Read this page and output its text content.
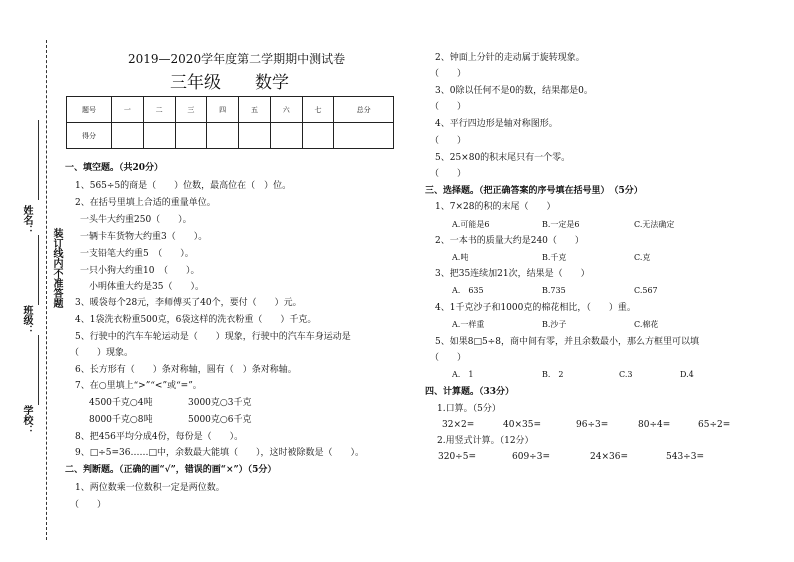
姓名：
班级：
学校：
装订线内不准答题
2019—2020学年度第二学期期中测试卷
三年级　　数学
题号	一	二	三	四	五	六	七	总分
得分								
一、填空题。（共20分）
1、565÷5的商是（　　）位数，最高位在（　）位。
2、在括号里填上合适的重量单位。
一头牛大约重250（　　）。
一辆卡车货物大约重3（　　）。
一支铅笔大约重5　（　　）。
一只小狗大约重10　（　　）。
小明体重大约是35（　　）。
3、暖袋每个28元，李师傅买了40个，要付（　　）元。
4、1袋洗衣粉重500克，6袋这样的洗衣粉重（　　）千克。
5、行驶中的汽车车轮运动是（　　）现象，行驶中的汽车车身运动是
（　　）现象。
6、长方形有（　　）条对称轴，圆有（　）条对称轴。
7、在○里填上“>”“<”或“=”。
4500千克○4吨	3000克○3千克
8000千克○8吨	5000克○6千克
8、把456平均分成4份，每份是（　　）。
9、□÷5=36……□中，余数最大能填（　　），这时被除数是（　　）。
二、判断题。（正确的画“√”，错误的画“×”）（5分）
1、两位数乘一位数积一定是两位数。
（　　）
2、钟面上分针的走动属于旋转现象。
（　　）
3、0除以任何不是0的数，结果都是0。
（　　）
4、平行四边形是轴对称图形。
（　　）
5、25×80的积末尾只有一个零。
（　　）
三、选择题。（把正确答案的序号填在括号里）　（5分）
1、7×28的积的末尾（　　）
A.可能是6	B.一定是6	C.无法确定
2、一本书的质量大约是240（　　）
A.吨	B.千克	C.克
3、把35连续加21次，结果是（　　）
A.　635	B.735	C.567
4、1千克沙子和1000克的棉花相比，（　　）重。
A.一样重	B.沙子	C.棉花
5、如果8□5÷8，商中间有零，并且余数最小，那么方框里可以填
（　　）
A.　1	B.　2	C.3	D.4
四、计算题。（33分）
1.口算。（5分）
32×2=	40×35=	96÷3=	80÷4=	65÷2=
2.用竖式计算。（12分）
320÷5=	609÷3=	24×36=	543÷3=
